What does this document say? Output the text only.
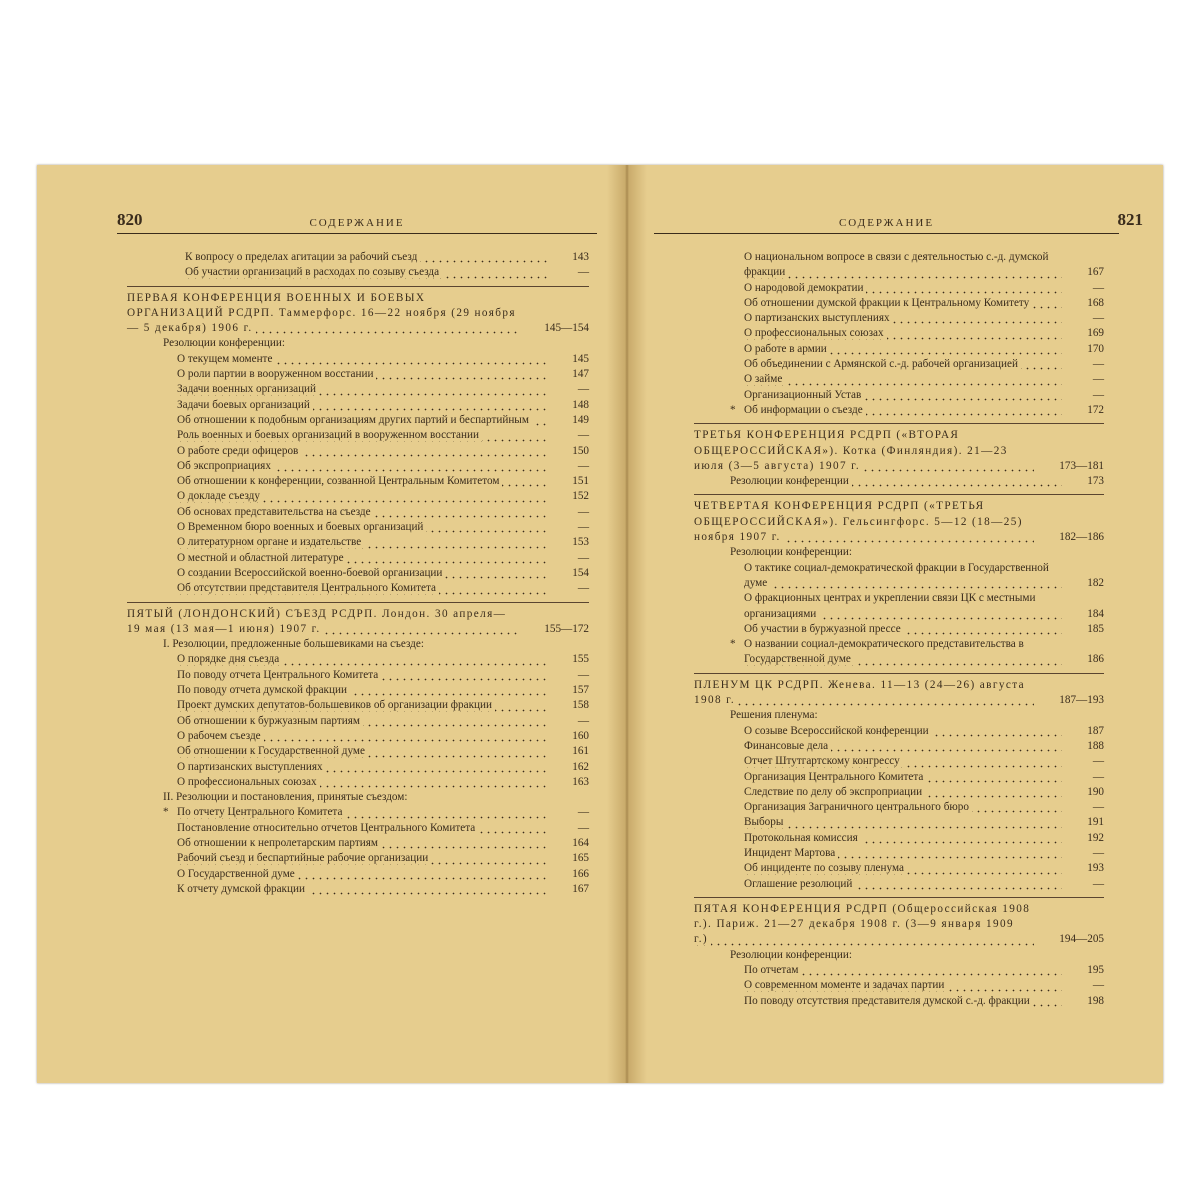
820	СОДЕРЖАНИЕ
К вопросу о пределах агитации за рабочий съезд	143
Об участии организаций в расходах по созыву съезда	—
ПЕРВАЯ КОНФЕРЕНЦИЯ ВОЕННЫХ И БОЕВЫХ ОРГАНИЗАЦИЙ РСДРП. Таммерфорс. 16—22 ноября (29 ноября — 5 декабря) 1906 г.	145—154
Резолюции конференции:
О текущем моменте	145
О роли партии в вооруженном восстании	147
Задачи военных организаций	—
Задачи боевых организаций	148
Об отношении к подобным организациям других партий и беспартийным	149
Роль военных и боевых организаций в вооруженном восстании	—
О работе среди офицеров	150
Об экспроприациях	—
Об отношении к конференции, созванной Центральным Комитетом	151
О докладе съезду	152
Об основах представительства на съезде	—
О Временном бюро военных и боевых организаций	—
О литературном органе и издательстве	153
О местной и областной литературе	—
О создании Всероссийской военно-боевой организации	154
Об отсутствии представителя Центрального Комитета	—
ПЯТЫЙ (ЛОНДОНСКИЙ) СЪЕЗД РСДРП. Лондон. 30 апреля—19 мая (13 мая—1 июня) 1907 г.	155—172
I. Резолюции, предложенные большевиками на съезде:
О порядке дня съезда	155
По поводу отчета Центрального Комитета	—
По поводу отчета думской фракции	157
Проект думских депутатов-большевиков об организации фракции	158
Об отношении к буржуазным партиям	—
О рабочем съезде	160
Об отношении к Государственной думе	161
О партизанских выступлениях	162
О профессиональных союзах	163
II. Резолюции и постановления, принятые съездом:
* По отчету Центрального Комитета	—
Постановление относительно отчетов Центрального Комитета	—
Об отношении к непролетарским партиям	164
Рабочий съезд и беспартийные рабочие организации	165
О Государственной думе	166
К отчету думской фракции	167
СОДЕРЖАНИЕ	821
О национальном вопросе в связи с деятельностью с.-д. думской фракции	167
О народовой демократии	—
Об отношении думской фракции к Центральному Комитету	168
О партизанских выступлениях	—
О профессиональных союзах	169
О работе в армии	170
Об объединении с Армянской с.-д. рабочей организацией	—
О займе	—
Организационный Устав	—
* Об информации о съезде	172
ТРЕТЬЯ КОНФЕРЕНЦИЯ РСДРП («ВТОРАЯ ОБЩЕРОССИЙСКАЯ»). Котка (Финляндия). 21—23 июля (3—5 августа) 1907 г.	173—181
Резолюции конференции	173
ЧЕТВЕРТАЯ КОНФЕРЕНЦИЯ РСДРП («ТРЕТЬЯ ОБЩЕРОССИЙСКАЯ»). Гельсингфорс. 5—12 (18—25) ноября 1907 г.	182—186
Резолюции конференции:
О тактике социал-демократической фракции в Государственной думе	182
О фракционных центрах и укреплении связи ЦК с местными организациями	184
Об участии в буржуазной прессе	185
* О названии социал-демократического представительства в Государственной думе	186
ПЛЕНУМ ЦК РСДРП. Женева. 11—13 (24—26) августа 1908 г.	187—193
Решения пленума:
О созыве Всероссийской конференции	187
Финансовые дела	188
Отчет Штутгартскому конгрессу	—
Организация Центрального Комитета	—
Следствие по делу об экспроприации	190
Организация Заграничного центрального бюро	—
Выборы	191
Протокольная комиссия	192
Инцидент Мартова	—
Об инциденте по созыву пленума	193
Оглашение резолюций	—
ПЯТАЯ КОНФЕРЕНЦИЯ РСДРП (Общероссийская 1908 г.). Париж. 21—27 декабря 1908 г. (3—9 января 1909 г.)	194—205
Резолюции конференции:
По отчетам	195
О современном моменте и задачах партии	—
По поводу отсутствия представителя думской с.-д. фракции	198
